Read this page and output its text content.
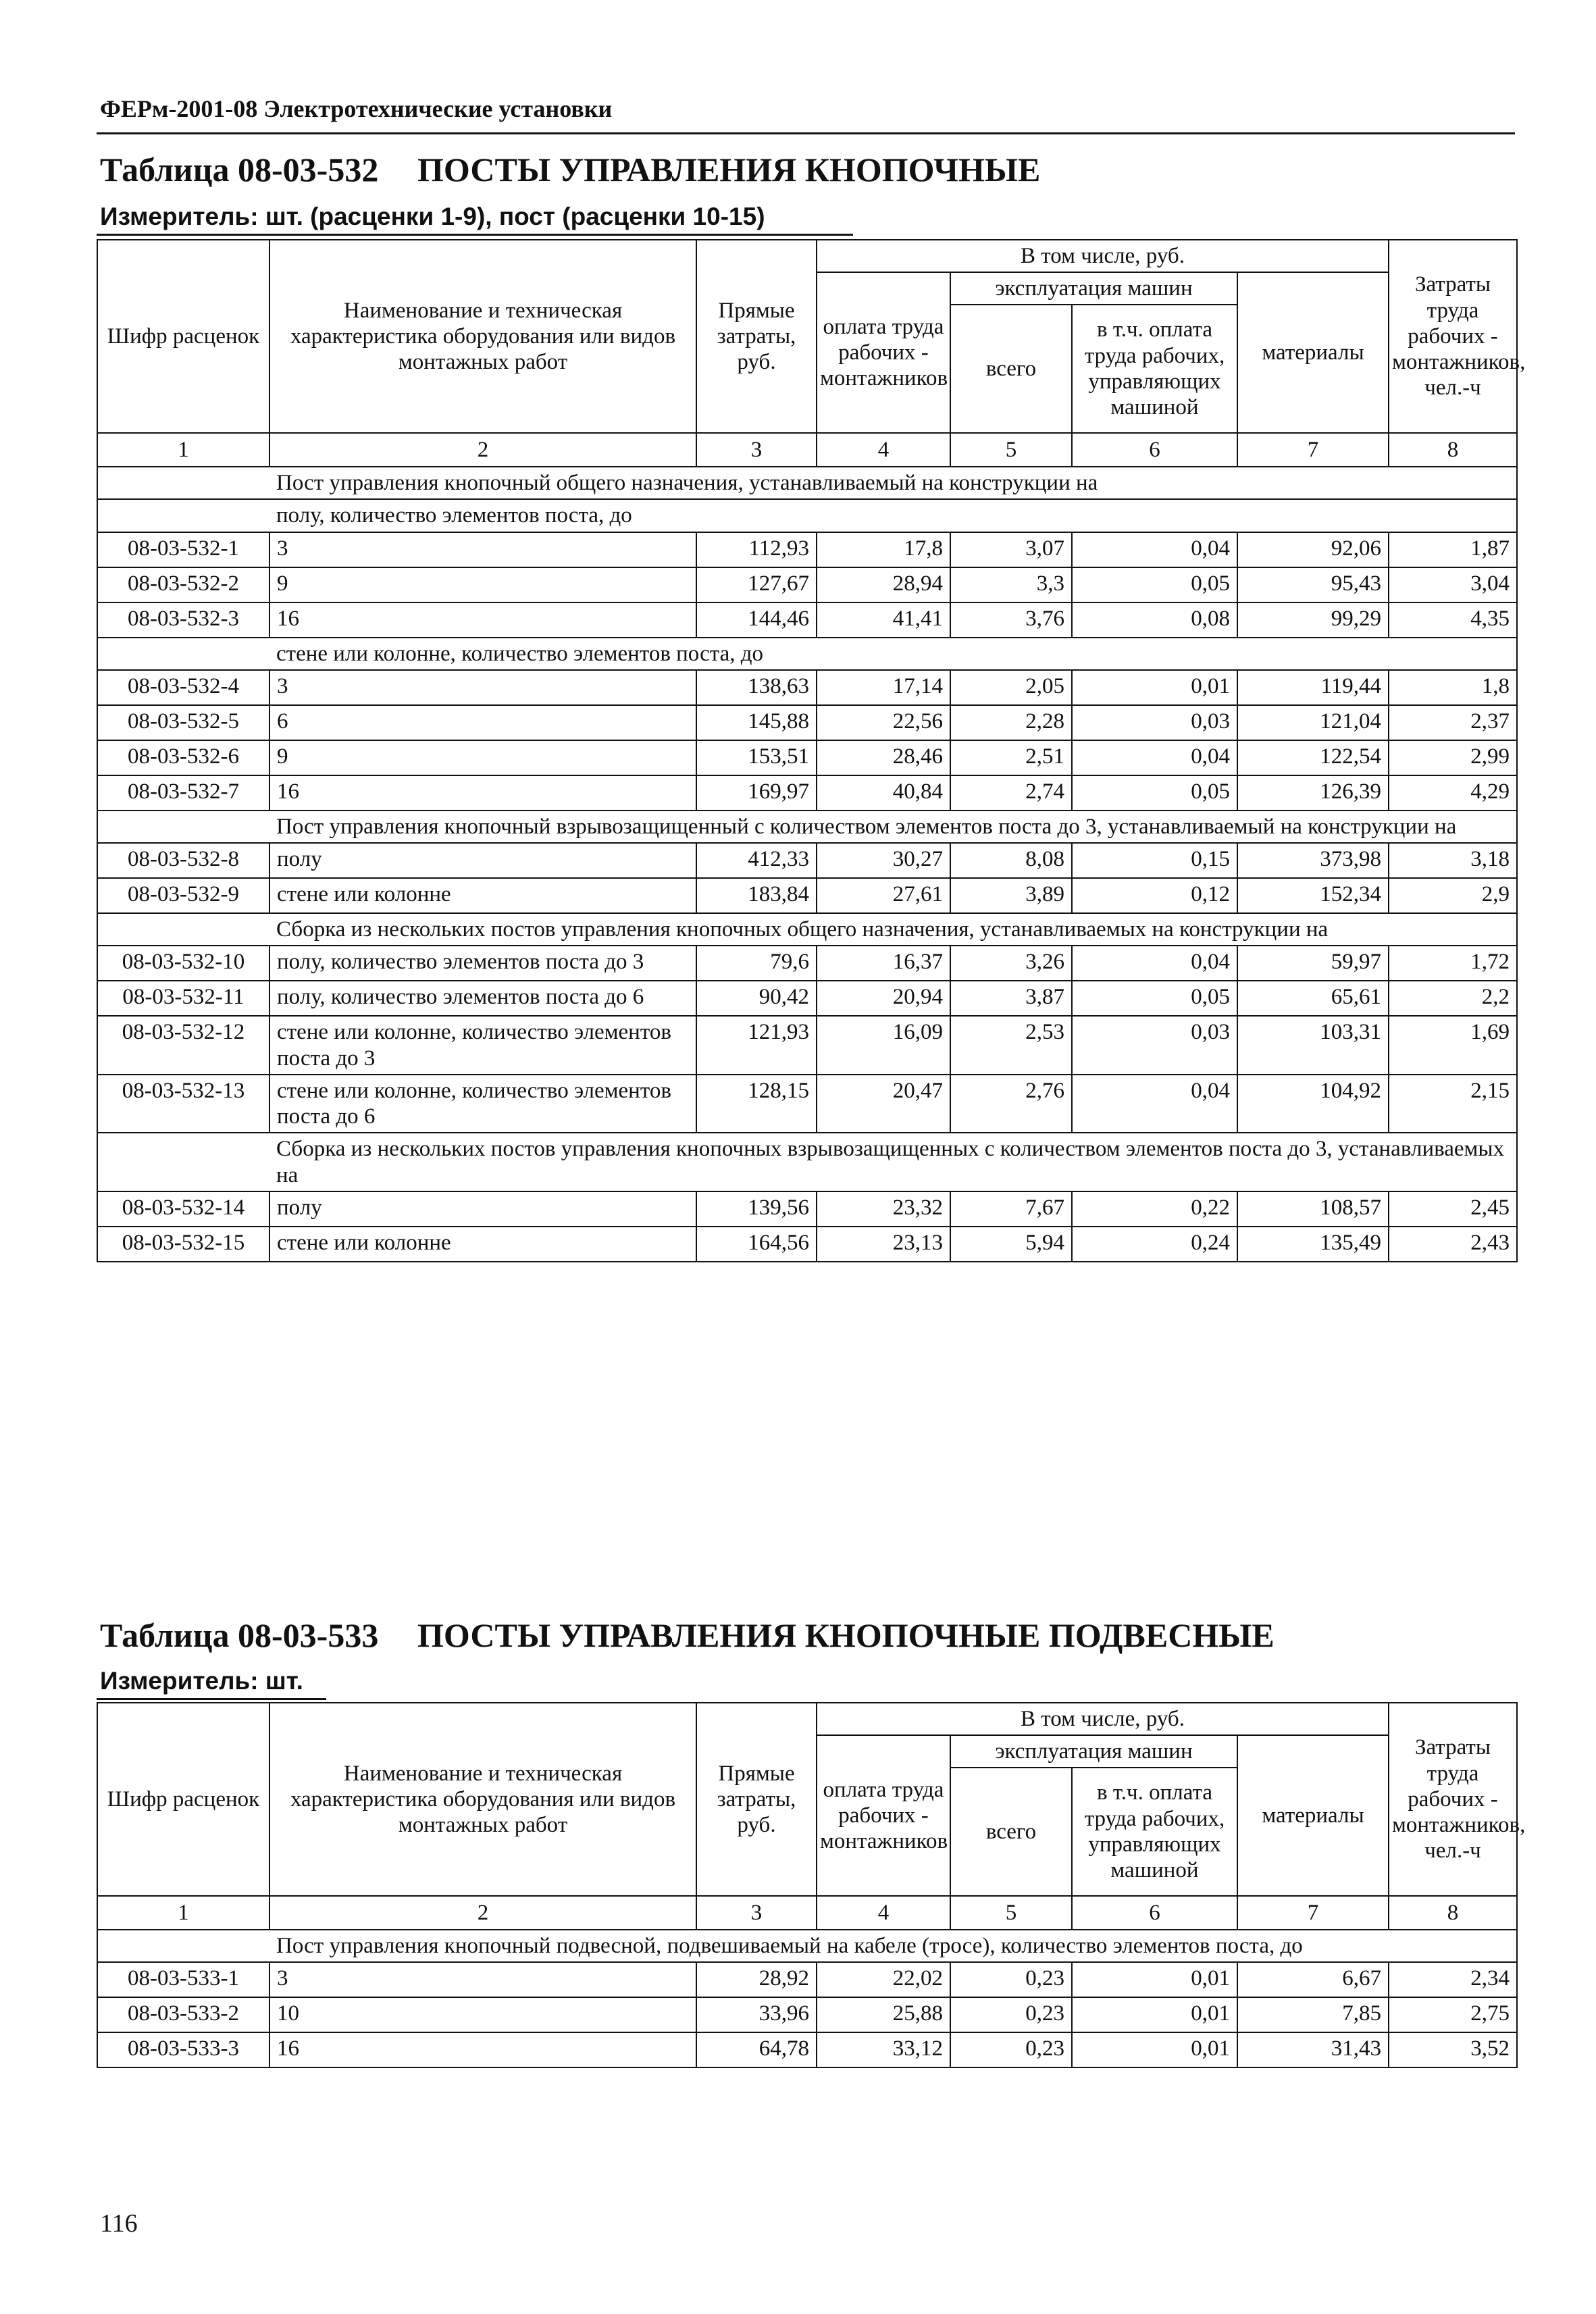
ФЕРм-2001-08 Электротехнические установки
Таблица 08-03-532 ПОСТЫ УПРАВЛЕНИЯ КНОПОЧНЫЕ
Измеритель: шт. (расценки 1-9), пост (расценки 10-15)
Шифр расценок	Наименование и техническая характеристика оборудования или видов монтажных работ	Прямые затраты, руб.	В том числе, руб.				Затраты труда рабочих - монтажников, чел.-ч
			оплата труда рабочих - монтажников	эксплуатация машин		материалы	
				всего	в т.ч. оплата труда рабочих, управляющих машиной		
1	2	3	4	5	6	7	8
	Пост управления кнопочный общего назначения, устанавливаемый на конструкции на						
	полу, количество элементов поста, до						
08-03-532-1	3	112,93	17,8	3,07	0,04	92,06	1,87
08-03-532-2	9	127,67	28,94	3,3	0,05	95,43	3,04
08-03-532-3	16	144,46	41,41	3,76	0,08	99,29	4,35
	стене или колонне, количество элементов поста, до						
08-03-532-4	3	138,63	17,14	2,05	0,01	119,44	1,8
08-03-532-5	6	145,88	22,56	2,28	0,03	121,04	2,37
08-03-532-6	9	153,51	28,46	2,51	0,04	122,54	2,99
08-03-532-7	16	169,97	40,84	2,74	0,05	126,39	4,29
	Пост управления кнопочный взрывозащищенный с количеством элементов поста до 3, устанавливаемый на конструкции на						
08-03-532-8	полу	412,33	30,27	8,08	0,15	373,98	3,18
08-03-532-9	стене или колонне	183,84	27,61	3,89	0,12	152,34	2,9
	Сборка из нескольких постов управления кнопочных общего назначения, устанавливаемых на конструкции на						
08-03-532-10	полу, количество элементов поста до 3	79,6	16,37	3,26	0,04	59,97	1,72
08-03-532-11	полу, количество элементов поста до 6	90,42	20,94	3,87	0,05	65,61	2,2
08-03-532-12	стене или колонне, количество элементов поста до 3	121,93	16,09	2,53	0,03	103,31	1,69
08-03-532-13	стене или колонне, количество элементов поста до 6	128,15	20,47	2,76	0,04	104,92	2,15
	Сборка из нескольких постов управления кнопочных взрывозащищенных с количеством элементов поста до 3, устанавливаемых на						
08-03-532-14	полу	139,56	23,32	7,67	0,22	108,57	2,45
08-03-532-15	стене или колонне	164,56	23,13	5,94	0,24	135,49	2,43
Таблица 08-03-533 ПОСТЫ УПРАВЛЕНИЯ КНОПОЧНЫЕ ПОДВЕСНЫЕ
Измеритель: шт.
Шифр расценок	Наименование и техническая характеристика оборудования или видов монтажных работ	Прямые затраты, руб.	В том числе, руб.				Затраты труда рабочих - монтажников, чел.-ч
			оплата труда рабочих - монтажников	эксплуатация машин		материалы	
				всего	в т.ч. оплата труда рабочих, управляющих машиной		
1	2	3	4	5	6	7	8
	Пост управления кнопочный подвесной, подвешиваемый на кабеле (тросе), количество элементов поста, до						
08-03-533-1	3	28,92	22,02	0,23	0,01	6,67	2,34
08-03-533-2	10	33,96	25,88	0,23	0,01	7,85	2,75
08-03-533-3	16	64,78	33,12	0,23	0,01	31,43	3,52
116
